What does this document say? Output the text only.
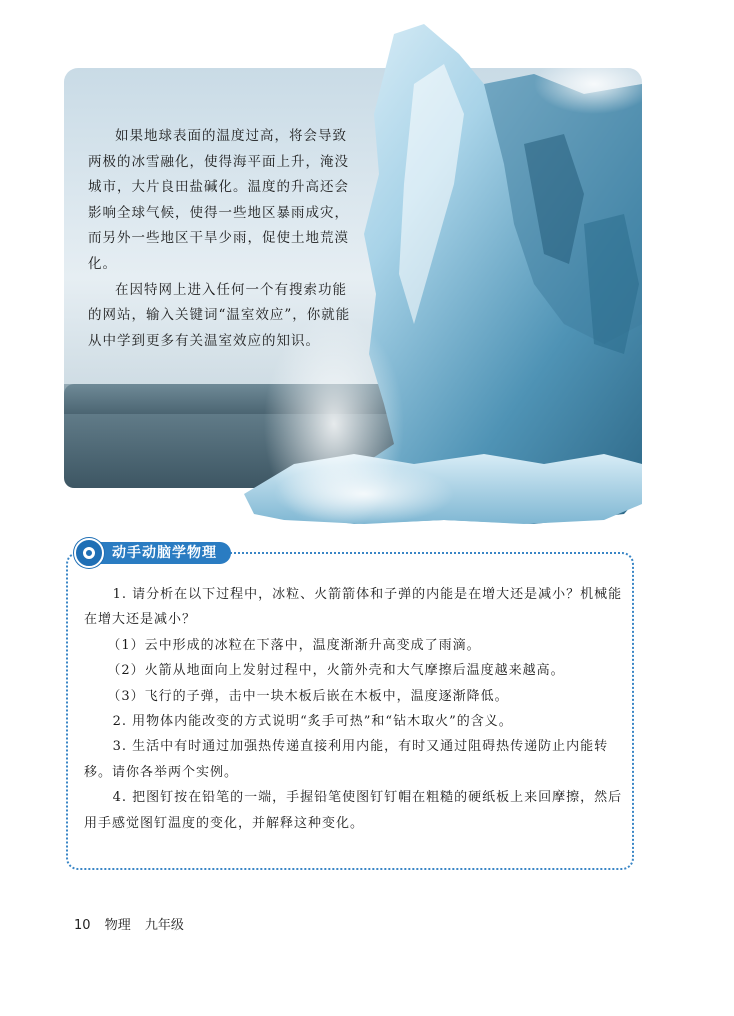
如果地球表面的温度过高，将会导致两极的冰雪融化，使得海平面上升，淹没城市，大片良田盐碱化。温度的升高还会影响全球气候，使得一些地区暴雨成灾，而另外一些地区干旱少雨，促使土地荒漠化。

在因特网上进入任何一个有搜索功能的网站，输入关键词“温室效应”，你就能从中学到更多有关温室效应的知识。

动手动脑学物理

1. 请分析在以下过程中，冰粒、火箭箭体和子弹的内能是在增大还是减小？机械能在增大还是减小？

（1）云中形成的冰粒在下落中，温度渐渐升高变成了雨滴。

（2）火箭从地面向上发射过程中，火箭外壳和大气摩擦后温度越来越高。

（3）飞行的子弹，击中一块木板后嵌在木板中，温度逐渐降低。

2. 用物体内能改变的方式说明“炙手可热”和“钻木取火”的含义。

3. 生活中有时通过加强热传递直接利用内能，有时又通过阻碍热传递防止内能转移。请你各举两个实例。

4. 把图钉按在铅笔的一端，手握铅笔使图钉钉帽在粗糙的硬纸板上来回摩擦，然后用手感觉图钉温度的变化，并解释这种变化。

10 物理 九年级
